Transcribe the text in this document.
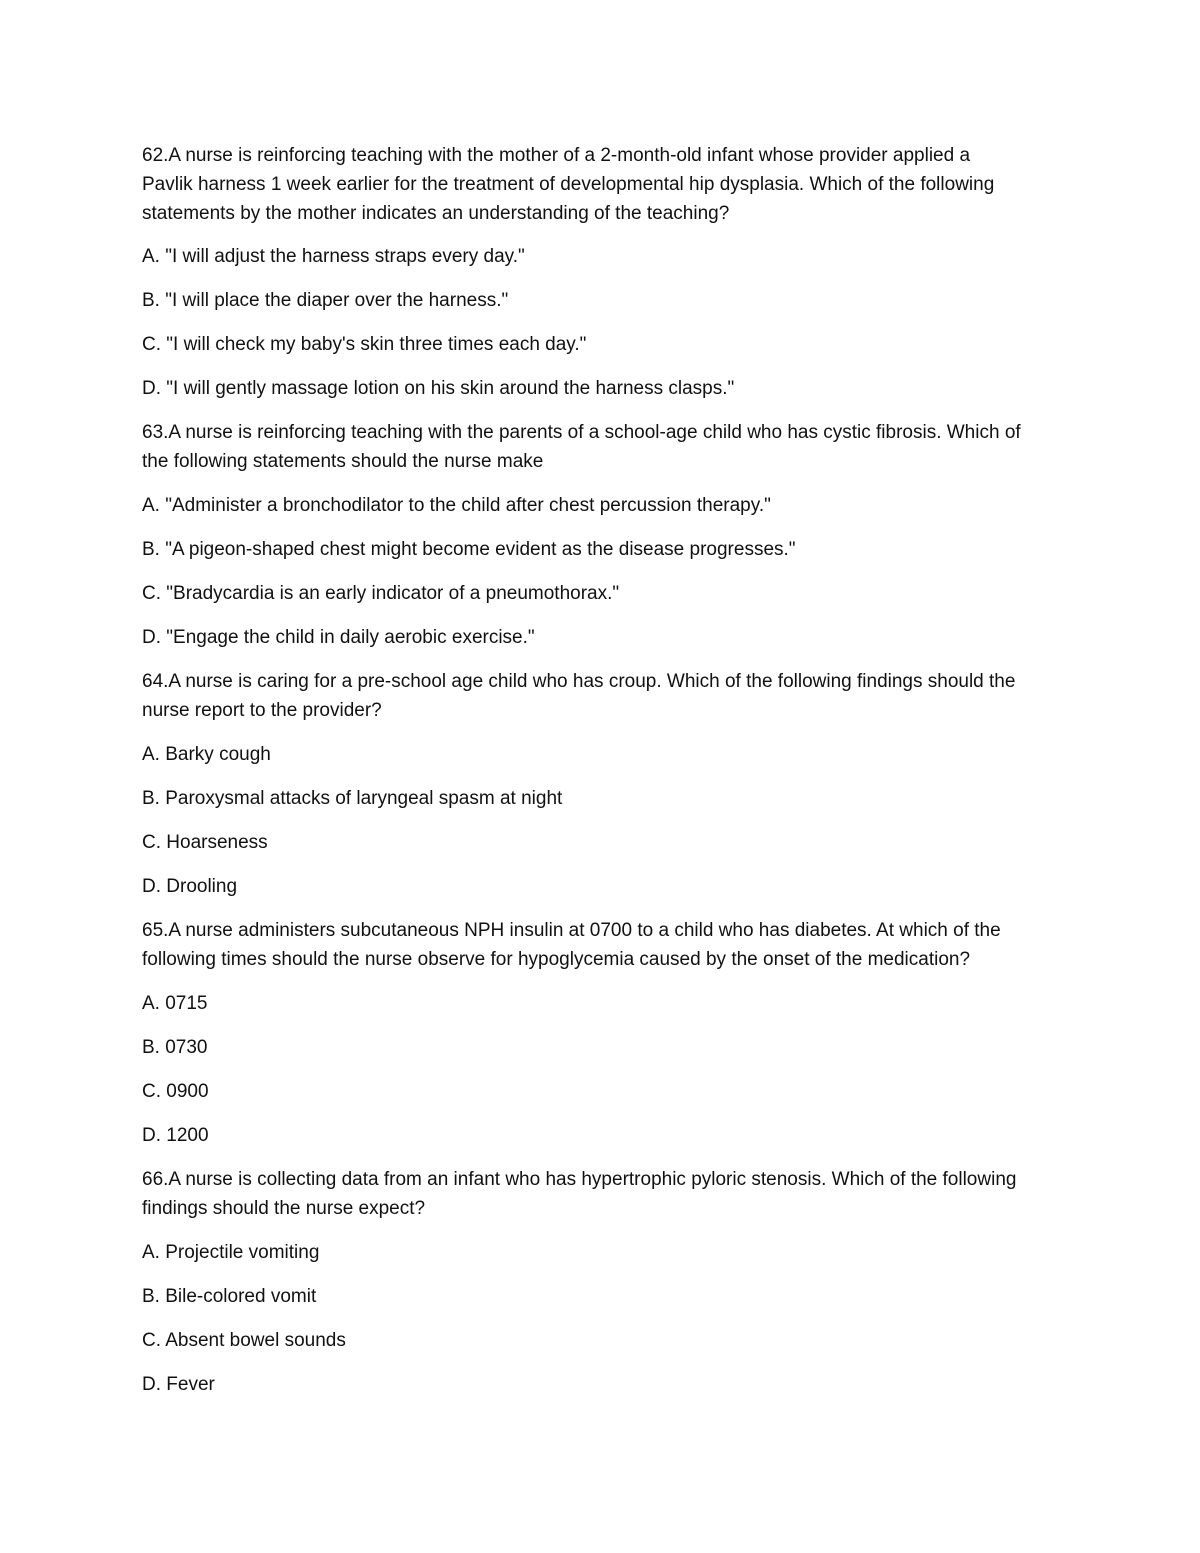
62.A nurse is reinforcing teaching with the mother of a 2-month-old infant whose provider applied a
Pavlik harness 1 week earlier for the treatment of developmental hip dysplasia. Which of the following
statements by the mother indicates an understanding of the teaching?
A. "I will adjust the harness straps every day."
B. "I will place the diaper over the harness."
C. "I will check my baby's skin three times each day."
D. "I will gently massage lotion on his skin around the harness clasps."
63.A nurse is reinforcing teaching with the parents of a school-age child who has cystic fibrosis. Which of
the following statements should the nurse make
A. "Administer a bronchodilator to the child after chest percussion therapy."
B. "A pigeon-shaped chest might become evident as the disease progresses."
C. "Bradycardia is an early indicator of a pneumothorax."
D. "Engage the child in daily aerobic exercise."
64.A nurse is caring for a pre-school age child who has croup. Which of the following findings should the
nurse report to the provider?
A. Barky cough
B. Paroxysmal attacks of laryngeal spasm at night
C. Hoarseness
D. Drooling
65.A nurse administers subcutaneous NPH insulin at 0700 to a child who has diabetes. At which of the
following times should the nurse observe for hypoglycemia caused by the onset of the medication?
A. 0715
B. 0730
C. 0900
D. 1200
66.A nurse is collecting data from an infant who has hypertrophic pyloric stenosis. Which of the following
findings should the nurse expect?
A. Projectile vomiting
B. Bile-colored vomit
C. Absent bowel sounds
D. Fever
